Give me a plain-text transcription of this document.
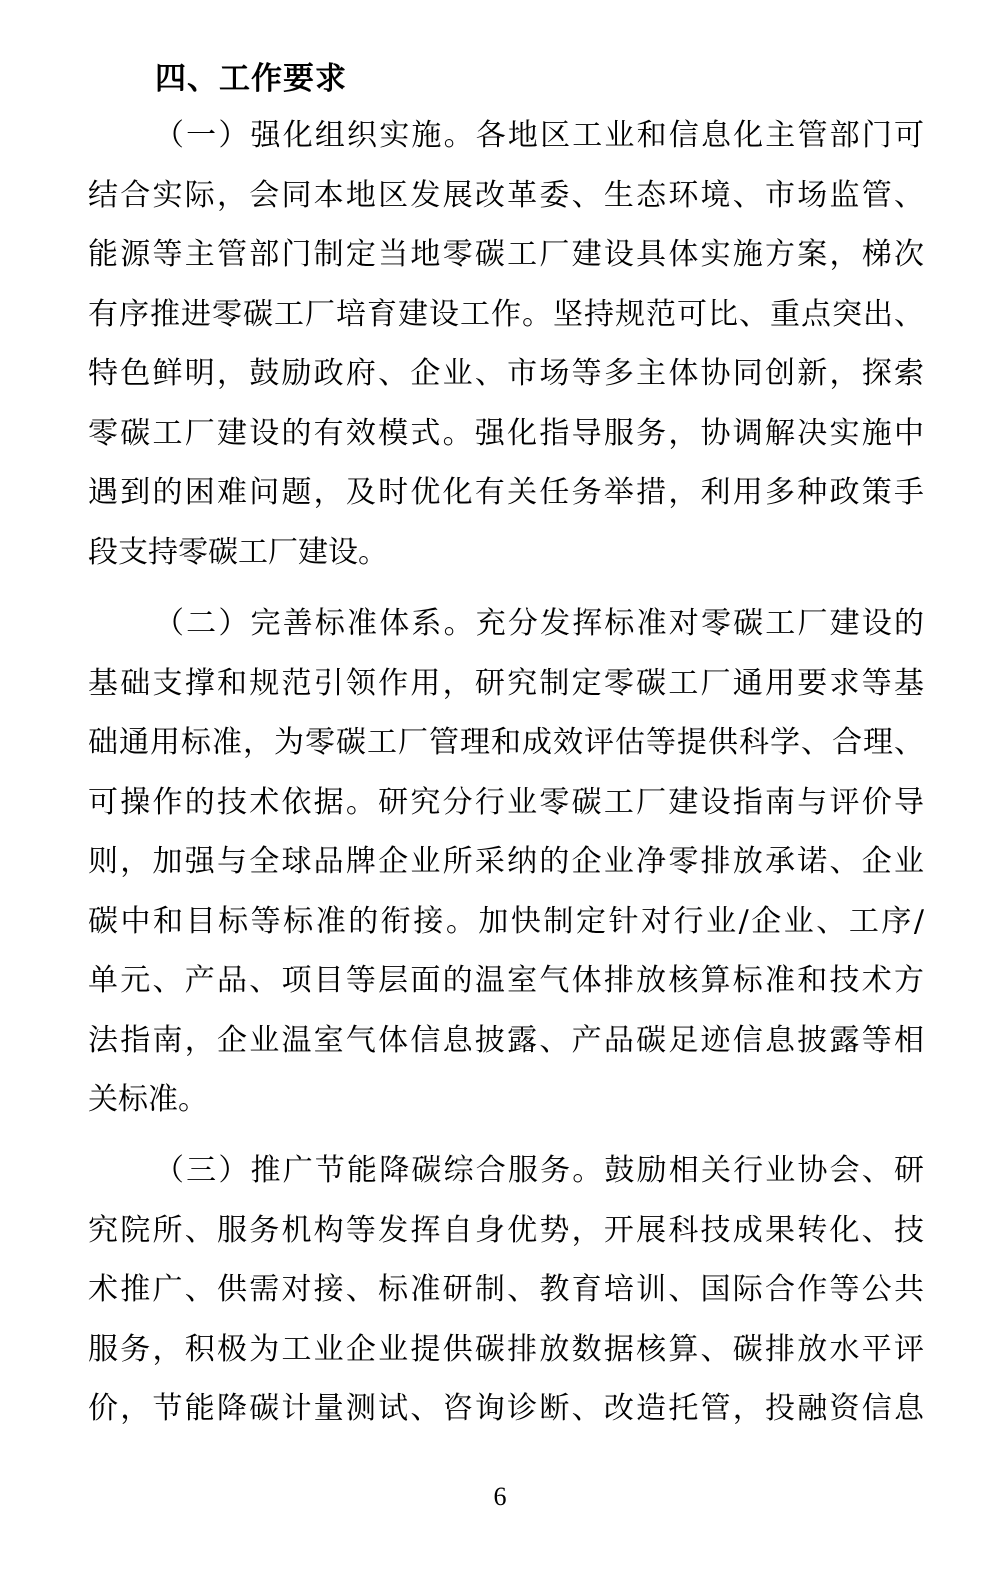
四、工作要求

（一）强化组织实施。各地区工业和信息化主管部门可
结合实际，会同本地区发展改革委、生态环境、市场监管、
能源等主管部门制定当地零碳工厂建设具体实施方案，梯次
有序推进零碳工厂培育建设工作。坚持规范可比、重点突出、
特色鲜明，鼓励政府、企业、市场等多主体协同创新，探索
零碳工厂建设的有效模式。强化指导服务，协调解决实施中
遇到的困难问题，及时优化有关任务举措，利用多种政策手
段支持零碳工厂建设。

（二）完善标准体系。充分发挥标准对零碳工厂建设的
基础支撑和规范引领作用，研究制定零碳工厂通用要求等基
础通用标准，为零碳工厂管理和成效评估等提供科学、合理、
可操作的技术依据。研究分行业零碳工厂建设指南与评价导
则，加强与全球品牌企业所采纳的企业净零排放承诺、企业
碳中和目标等标准的衔接。加快制定针对行业/企业、工序/
单元、产品、项目等层面的温室气体排放核算标准和技术方
法指南，企业温室气体信息披露、产品碳足迹信息披露等相
关标准。

（三）推广节能降碳综合服务。鼓励相关行业协会、研
究院所、服务机构等发挥自身优势，开展科技成果转化、技
术推广、供需对接、标准研制、教育培训、国际合作等公共
服务，积极为工业企业提供碳排放数据核算、碳排放水平评
价，节能降碳计量测试、咨询诊断、改造托管，投融资信息

6
